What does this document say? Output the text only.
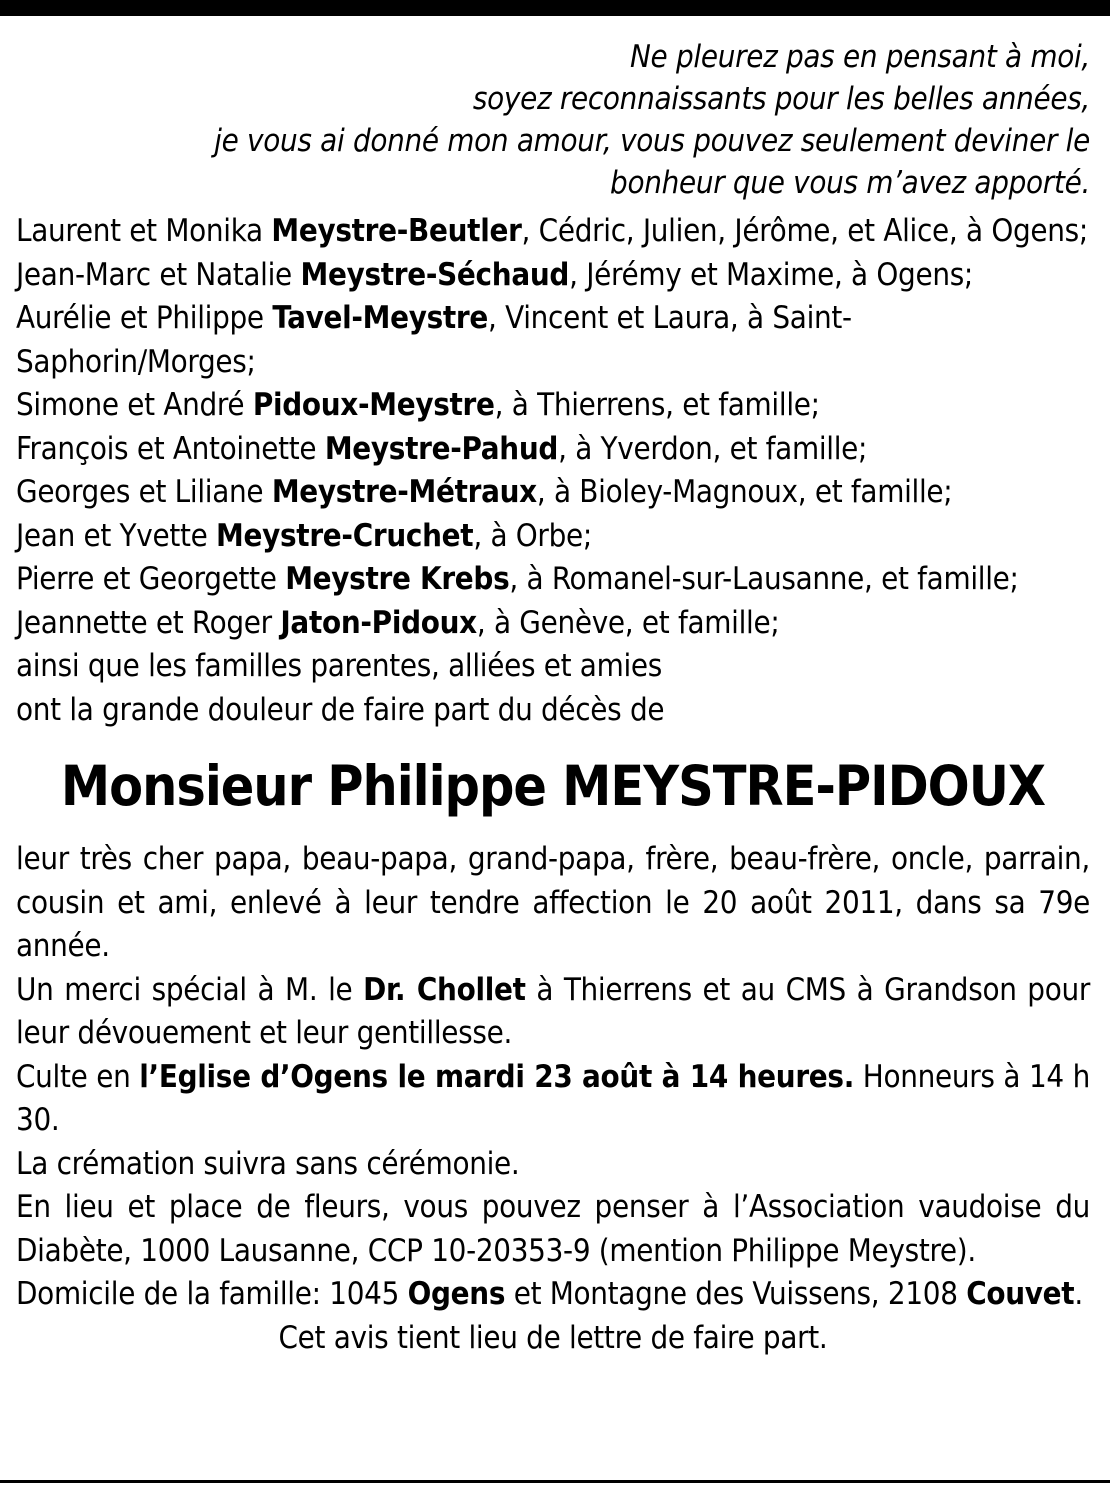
Ne pleurez pas en pensant à moi,
soyez reconnaissants pour les belles années,
je vous ai donné mon amour, vous pouvez seulement deviner le
bonheur que vous m’avez apporté.

Laurent et Monika Meystre-Beutler, Cédric, Julien, Jérôme, et Alice, à Ogens;

Jean-Marc et Natalie Meystre-Séchaud, Jérémy et Maxime, à Ogens;

Aurélie et Philippe Tavel-Meystre, Vincent et Laura, à Saint-Saphorin/Morges;

Simone et André Pidoux-Meystre, à Thierrens, et famille;

François et Antoinette Meystre-Pahud, à Yverdon, et famille;

Georges et Liliane Meystre-Métraux, à Bioley-Magnoux, et famille;

Jean et Yvette Meystre-Cruchet, à Orbe;

Pierre et Georgette Meystre Krebs, à Romanel-sur-Lausanne, et famille;

Jeannette et Roger Jaton-Pidoux, à Genève, et famille;

ainsi que les familles parentes, alliées et amies

ont la grande douleur de faire part du décès de

Monsieur Philippe MEYSTRE-PIDOUX

leur très cher papa, beau-papa, grand-papa, frère, beau-frère, oncle, parrain, cousin et ami, enlevé à leur tendre affection le 20 août 2011, dans sa 79e année.

Un merci spécial à M. le Dr. Chollet à Thierrens et au CMS à Grandson pour leur dévouement et leur gentillesse.

Culte en l’Eglise d’Ogens le mardi 23 août à 14 heures. Honneurs à 14 h 30.

La crémation suivra sans cérémonie.

En lieu et place de fleurs, vous pouvez penser à l’Association vaudoise du Diabète, 1000 Lausanne, CCP 10-20353-9 (mention Philippe Meystre).

Domicile de la famille: 1045 Ogens et Montagne des Vuissens, 2108 Couvet.

Cet avis tient lieu de lettre de faire part.
